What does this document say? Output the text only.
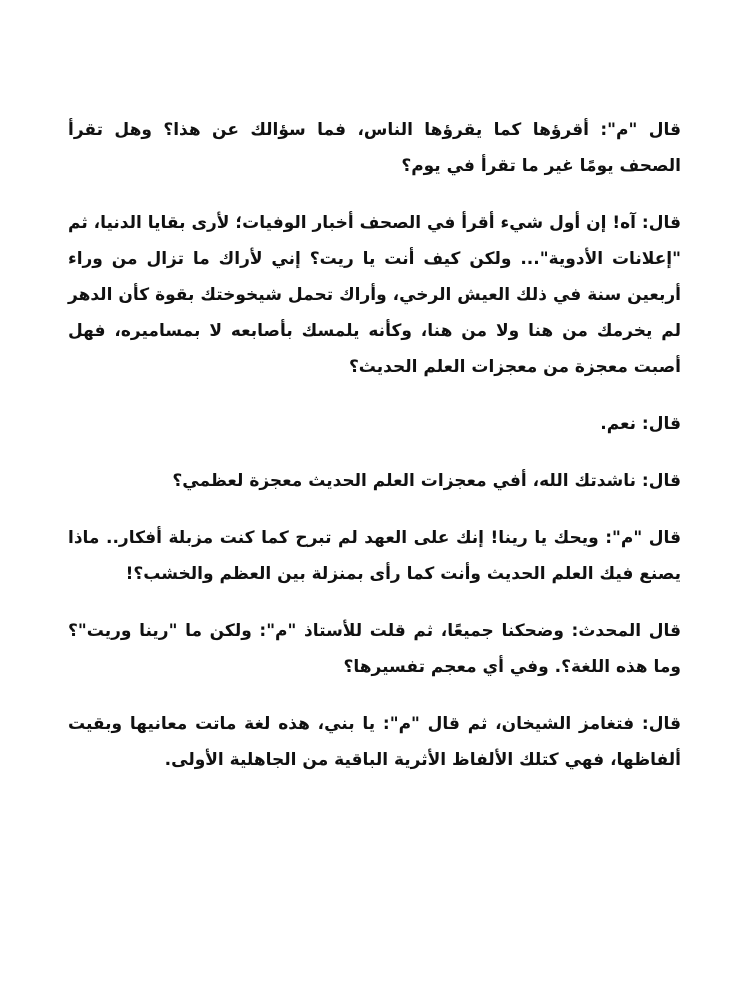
قال "م": أقرؤها كما يقرؤها الناس، فما سؤالك عن هذا؟ وهل تقرأ الصحف يومًا غير ما تقرأ في يوم؟

قال: آه! إن أول شيء أقرأ في الصحف أخبار الوفيات؛ لأرى بقايا الدنيا، ثم "إعلانات الأدوية"... ولكن كيف أنت يا ريت؟ إني لأراك ما تزال من وراء أربعين سنة في ذلك العيش الرخي، وأراك تحمل شيخوختك بقوة كأن الدهر لم يخرمك من هنا ولا من هنا، وكأنه يلمسك بأصابعه لا بمساميره، فهل أصبت معجزة من معجزات العلم الحديث؟

قال: نعم.

قال: ناشدتك الله، أفي معجزات العلم الحديث معجزة لعظمي؟

قال "م": ويحك يا رينا! إنك على العهد لم تبرح كما كنت مزبلة أفكار.. ماذا يصنع فيك العلم الحديث وأنت كما رأى بمنزلة بين العظم والخشب؟!

قال المحدث: وضحكنا جميعًا، ثم قلت للأستاذ "م": ولكن ما "رينا وريت"؟ وما هذه اللغة؟. وفي أي معجم تفسيرها؟

قال: فتغامز الشيخان، ثم قال "م": يا بني، هذه لغة ماتت معانيها وبقيت ألفاظها، فهي كتلك الألفاظ الأثرية الباقية من الجاهلية الأولى.
